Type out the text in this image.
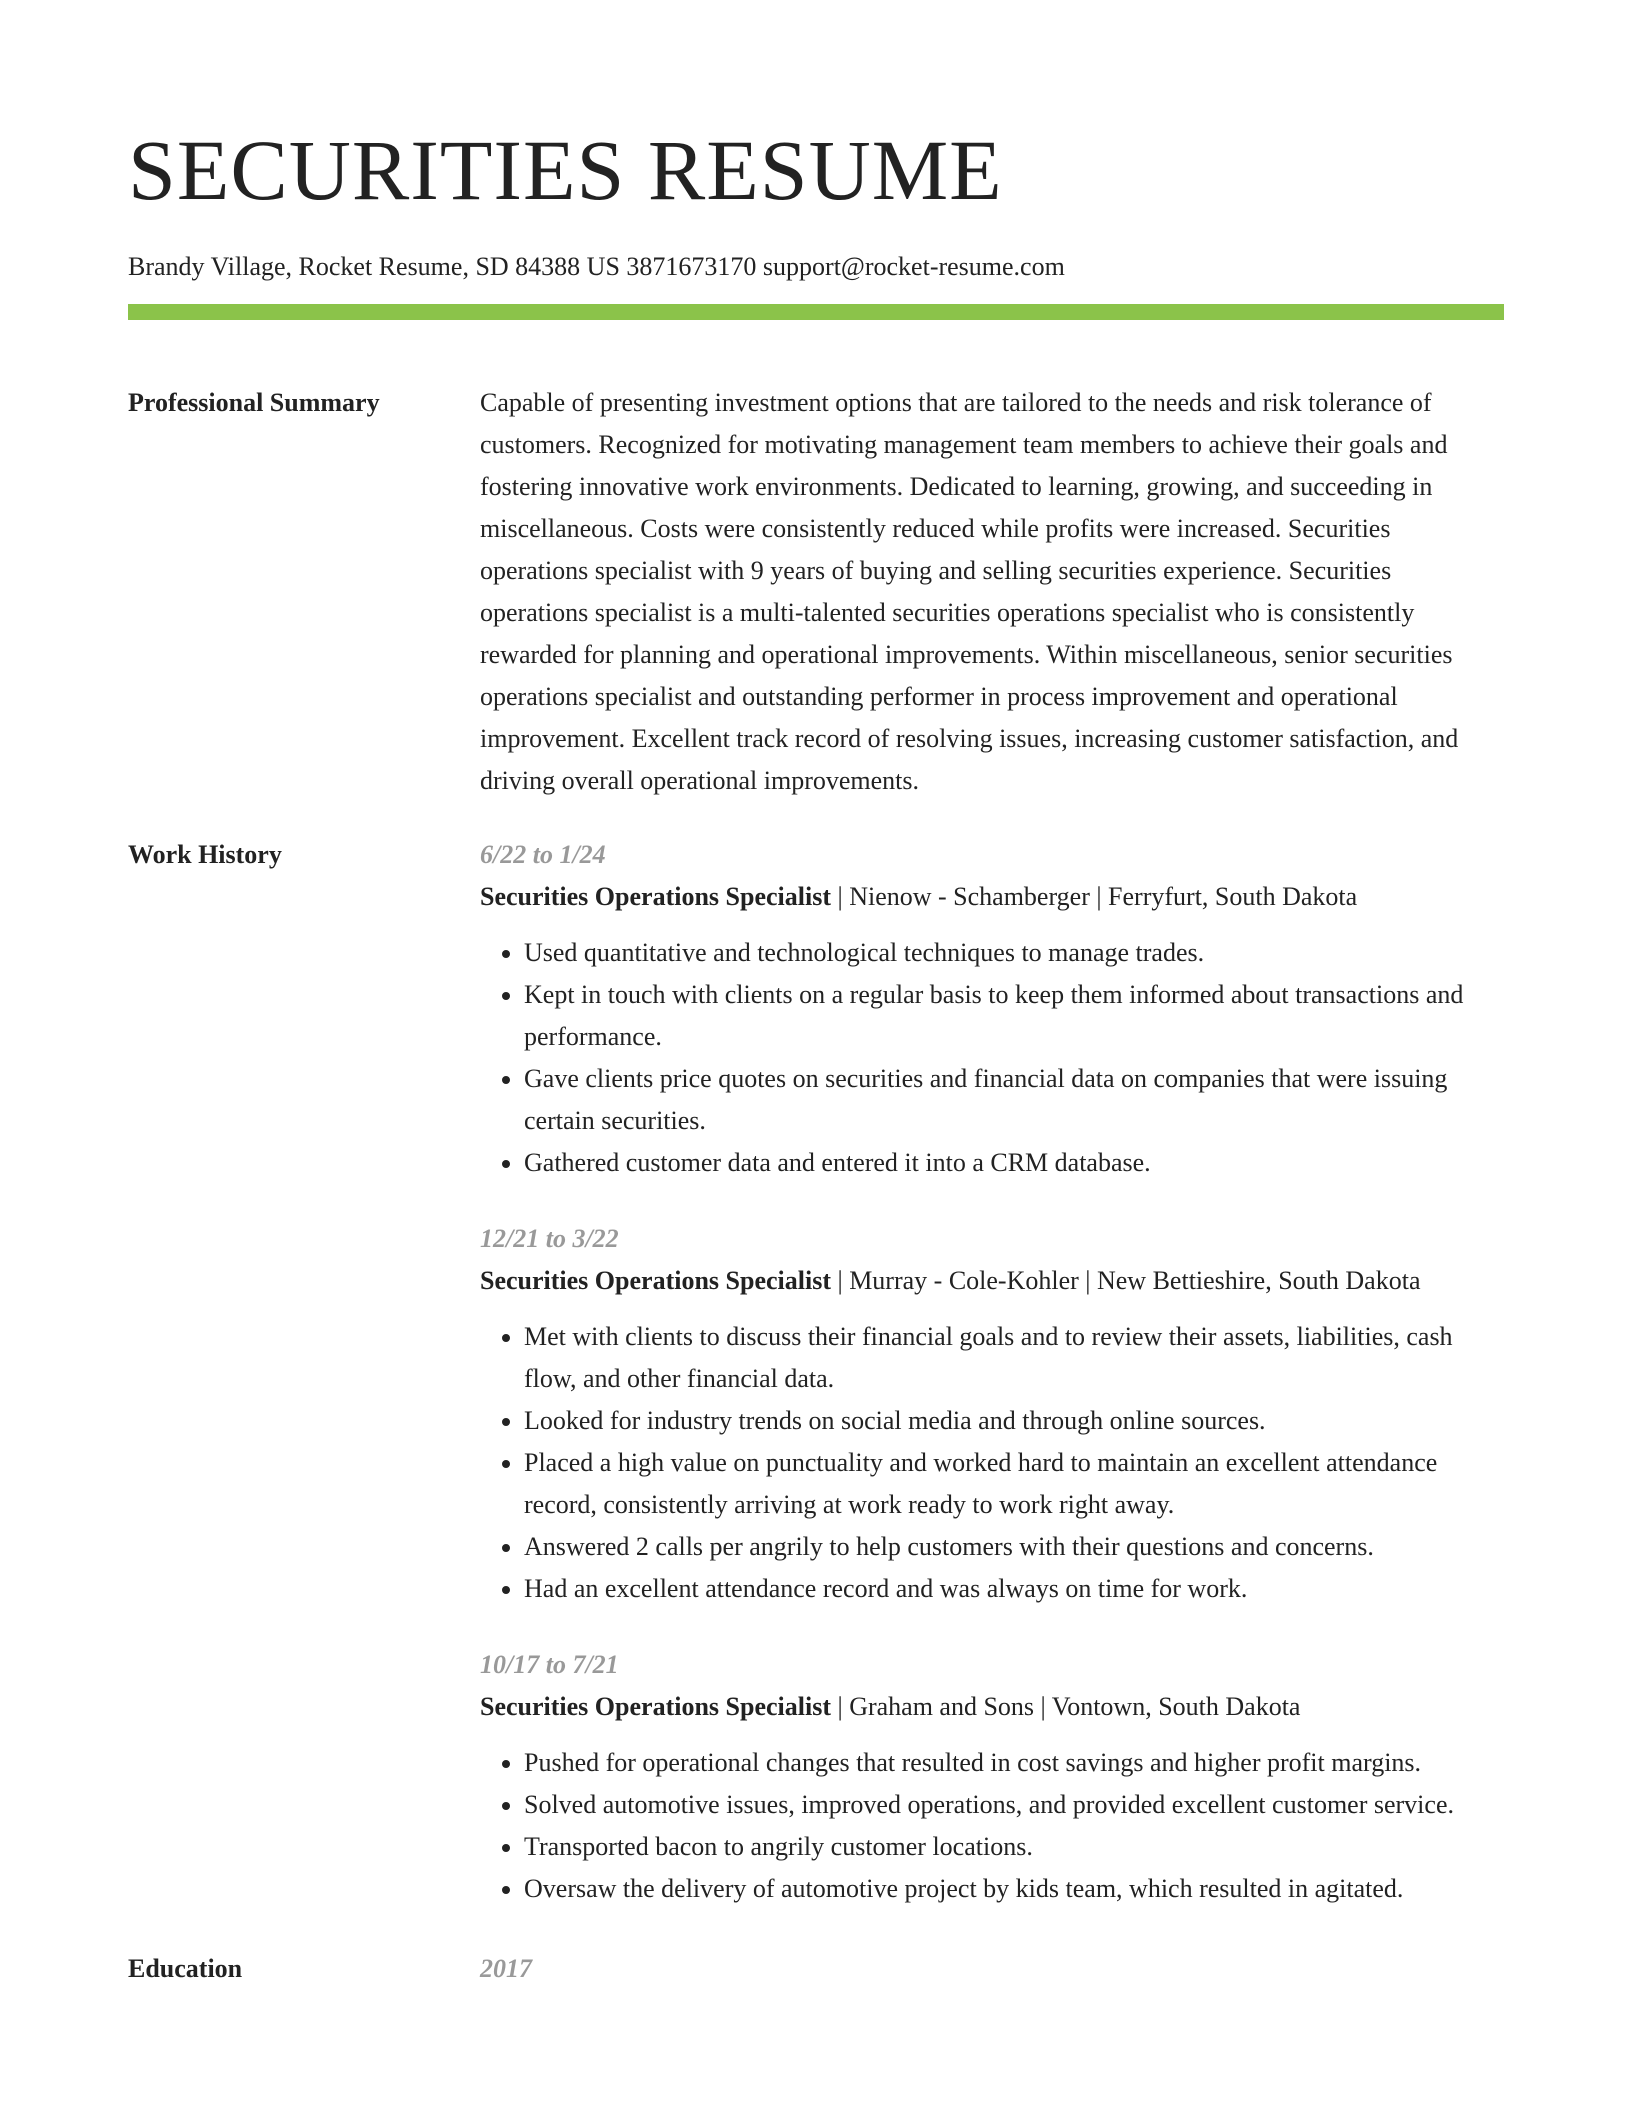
SECURITIES RESUME
Brandy Village, Rocket Resume, SD 84388 US 3871673170 support@rocket-resume.com
Professional Summary	Capable of presenting investment options that are tailored to the needs and risk tolerance of customers. Recognized for motivating management team members to achieve their goals and fostering innovative work environments. Dedicated to learning, growing, and succeeding in miscellaneous. Costs were consistently reduced while profits were increased. Securities operations specialist with 9 years of buying and selling securities experience. Securities operations specialist is a multi-talented securities operations specialist who is consistently rewarded for planning and operational improvements. Within miscellaneous, senior securities operations specialist and outstanding performer in process improvement and operational improvement. Excellent track record of resolving issues, increasing customer satisfaction, and driving overall operational improvements.

Work History	6/22 to 1/24
Securities Operations Specialist | Nienow - Schamberger | Ferryfurt, South Dakota
• Used quantitative and technological techniques to manage trades.
• Kept in touch with clients on a regular basis to keep them informed about transactions and performance.
• Gave clients price quotes on securities and financial data on companies that were issuing certain securities.
• Gathered customer data and entered it into a CRM database.
12/21 to 3/22
Securities Operations Specialist | Murray - Cole-Kohler | New Bettieshire, South Dakota
• Met with clients to discuss their financial goals and to review their assets, liabilities, cash flow, and other financial data.
• Looked for industry trends on social media and through online sources.
• Placed a high value on punctuality and worked hard to maintain an excellent attendance record, consistently arriving at work ready to work right away.
• Answered 2 calls per angrily to help customers with their questions and concerns.
• Had an excellent attendance record and was always on time for work.
10/17 to 7/21
Securities Operations Specialist | Graham and Sons | Vontown, South Dakota
• Pushed for operational changes that resulted in cost savings and higher profit margins.
• Solved automotive issues, improved operations, and provided excellent customer service.
• Transported bacon to angrily customer locations.
• Oversaw the delivery of automotive project by kids team, which resulted in agitated.
Education	2017
